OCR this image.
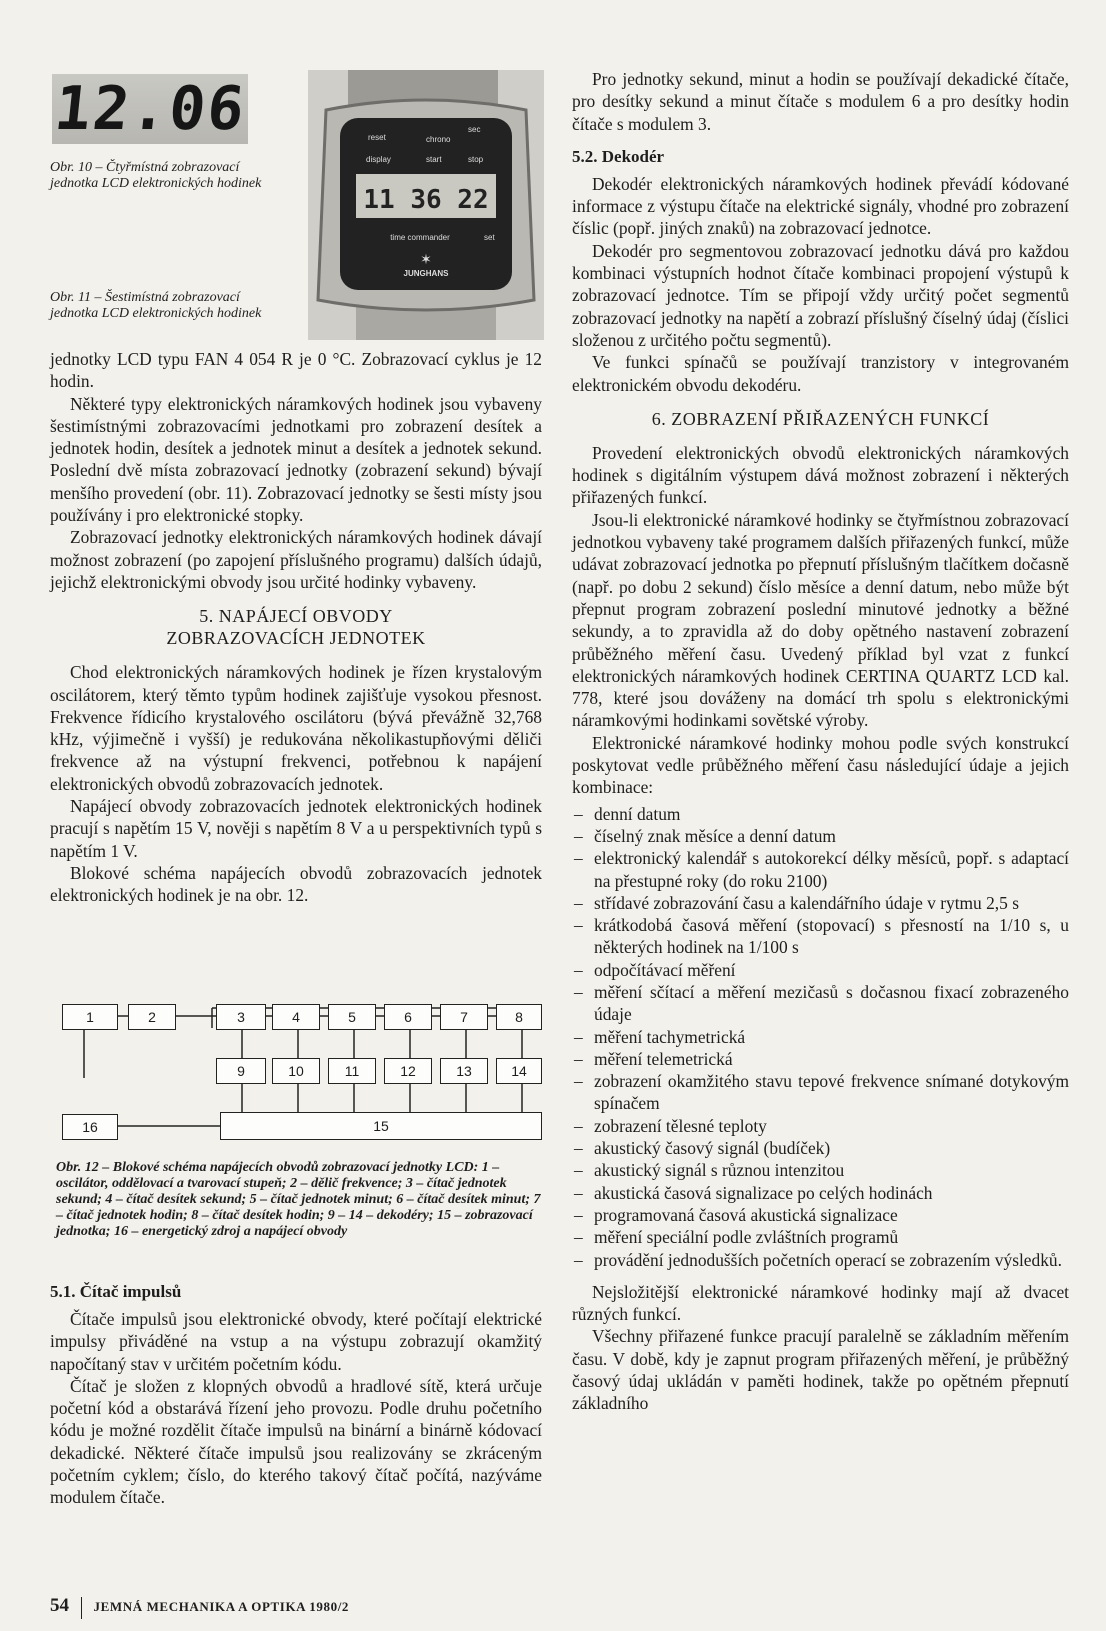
12.06
Obr. 10 – Čtyřmístná zobrazovací jednotka LCD elektronických hodinek
Obr. 11 – Šestimístná zobrazovací jednotka LCD elektronických hodinek
11 36 22
reset	chrono
display	start	stop
sec
set
time commander
JUNGHANS
✶

jednotky LCD typu FAN 4 054 R je 0 °C. Zobrazovací cyklus je 12 hodin.

Některé typy elektronických náramkových hodinek jsou vybaveny šestimístnými zobrazovacími jednotkami pro zobrazení desítek a jednotek hodin, desítek a jednotek minut a desítek a jednotek sekund. Poslední dvě místa zobrazovací jednotky (zobrazení sekund) bývají menšího provedení (obr. 11). Zobrazovací jednotky se šesti místy jsou používány i pro elektronické stopky.

Zobrazovací jednotky elektronických náramkových hodinek dávají možnost zobrazení (po zapojení příslušného programu) dalších údajů, jejichž elektronickými obvody jsou určité hodinky vybaveny.

5. NAPÁJECÍ OBVODY ZOBRAZOVACÍCH JEDNOTEK

Chod elektronických náramkových hodinek je řízen krystalovým oscilátorem, který těmto typům hodinek zajišťuje vysokou přesnost. Frekvence řídicího krystalového oscilátoru (bývá převážně 32,768 kHz, výjimečně i vyšší) je redukována několikastupňovými děliči frekvence až na výstupní frekvenci, potřebnou k napájení elektronických obvodů zobrazovacích jednotek.

Napájecí obvody zobrazovacích jednotek elektronických hodinek pracují s napětím 15 V, nověji s napětím 8 V a u perspektivních typů s napětím 1 V.

Blokové schéma napájecích obvodů zobrazovacích jednotek elektronických hodinek je na obr. 12.

1	2	3	4	5	6	7	8
9	10	11	12	13	14
15
16
Obr. 12 – Blokové schéma napájecích obvodů zobrazovací jednotky LCD: 1 – oscilátor, oddělovací a tvarovací stupeň; 2 – dělič frekvence; 3 – čítač jednotek sekund; 4 – čítač desítek sekund; 5 – čítač jednotek minut; 6 – čítač desítek minut; 7 – čítač jednotek hodin; 8 – čítač desítek hodin; 9 – 14 – dekodéry; 15 – zobrazovací jednotka; 16 – energetický zdroj a napájecí obvody
5.1. Čítač impulsů

Čítače impulsů jsou elektronické obvody, které počítají elektrické impulsy přiváděné na vstup a na výstupu zobrazují okamžitý napočítaný stav v určitém početním kódu.

Čítač je složen z klopných obvodů a hradlové sítě, která určuje početní kód a obstarává řízení jeho provozu. Podle druhu početního kódu je možné rozdělit čítače impulsů na binární a binárně kódovací dekadické. Některé čítače impulsů jsou realizovány se zkráceným početním cyklem; číslo, do kterého takový čítač počítá, nazýváme modulem čítače.

Pro jednotky sekund, minut a hodin se používají dekadické čítače, pro desítky sekund a minut čítače s modulem 6 a pro desítky hodin čítače s modulem 3.

5.2. Dekodér

Dekodér elektronických náramkových hodinek převádí kódované informace z výstupu čítače na elektrické signály, vhodné pro zobrazení číslic (popř. jiných znaků) na zobrazovací jednotce.

Dekodér pro segmentovou zobrazovací jednotku dává pro každou kombinaci výstupních hodnot čítače kombinaci propojení výstupů k zobrazovací jednotce. Tím se připojí vždy určitý počet segmentů zobrazovací jednotky na napětí a zobrazí příslušný číselný údaj (číslici složenou z určitého počtu segmentů).

Ve funkci spínačů se používají tranzistory v integrovaném elektronickém obvodu dekodéru.

6. ZOBRAZENÍ PŘIŘAZENÝCH FUNKCÍ

Provedení elektronických obvodů elektronických náramkových hodinek s digitálním výstupem dává možnost zobrazení i některých přiřazených funkcí.

Jsou-li elektronické náramkové hodinky se čtyřmístnou zobrazovací jednotkou vybaveny také programem dalších přiřazených funkcí, může udávat zobrazovací jednotka po přepnutí příslušným tlačítkem dočasně (např. po dobu 2 sekund) číslo měsíce a denní datum, nebo může být přepnut program zobrazení poslední minutové jednotky a běžné sekundy, a to zpravidla až do doby opětného nastavení zobrazení průběžného měření času. Uvedený příklad byl vzat z funkcí elektronických náramkových hodinek CERTINA QUARTZ LCD kal. 778, které jsou dováženy na domácí trh spolu s elektronickými náramkovými hodinkami sovětské výroby.

Elektronické náramkové hodinky mohou podle svých konstrukcí poskytovat vedle průběžného měření času následující údaje a jejich kombinace:

– denní datum
– číselný znak měsíce a denní datum
– elektronický kalendář s autokorekcí délky měsíců, popř. s adaptací na přestupné roky (do roku 2100)
– střídavé zobrazování času a kalendářního údaje v rytmu 2,5 s
– krátkodobá časová měření (stopovací) s přesností na 1/10 s, u některých hodinek na 1/100 s
– odpočítávací měření
– měření sčítací a měření mezičasů s dočasnou fixací zobrazeného údaje
– měření tachymetrická
– měření telemetrická
– zobrazení okamžitého stavu tepové frekvence snímané dotykovým spínačem
– zobrazení tělesné teploty
– akustický časový signál (budíček)
– akustický signál s různou intenzitou
– akustická časová signalizace po celých hodinách
– programovaná časová akustická signalizace
– měření speciální podle zvláštních programů
– provádění jednodušších početních operací se zobrazením výsledků.

Nejsložitější elektronické náramkové hodinky mají až dvacet různých funkcí.

Všechny přiřazené funkce pracují paralelně se základním měřením času. V době, kdy je zapnut program přiřazených měření, je průběžný časový údaj ukládán v paměti hodinek, takže po opětném přepnutí základního

54 JEMNÁ MECHANIKA A OPTIKA 1980/2
